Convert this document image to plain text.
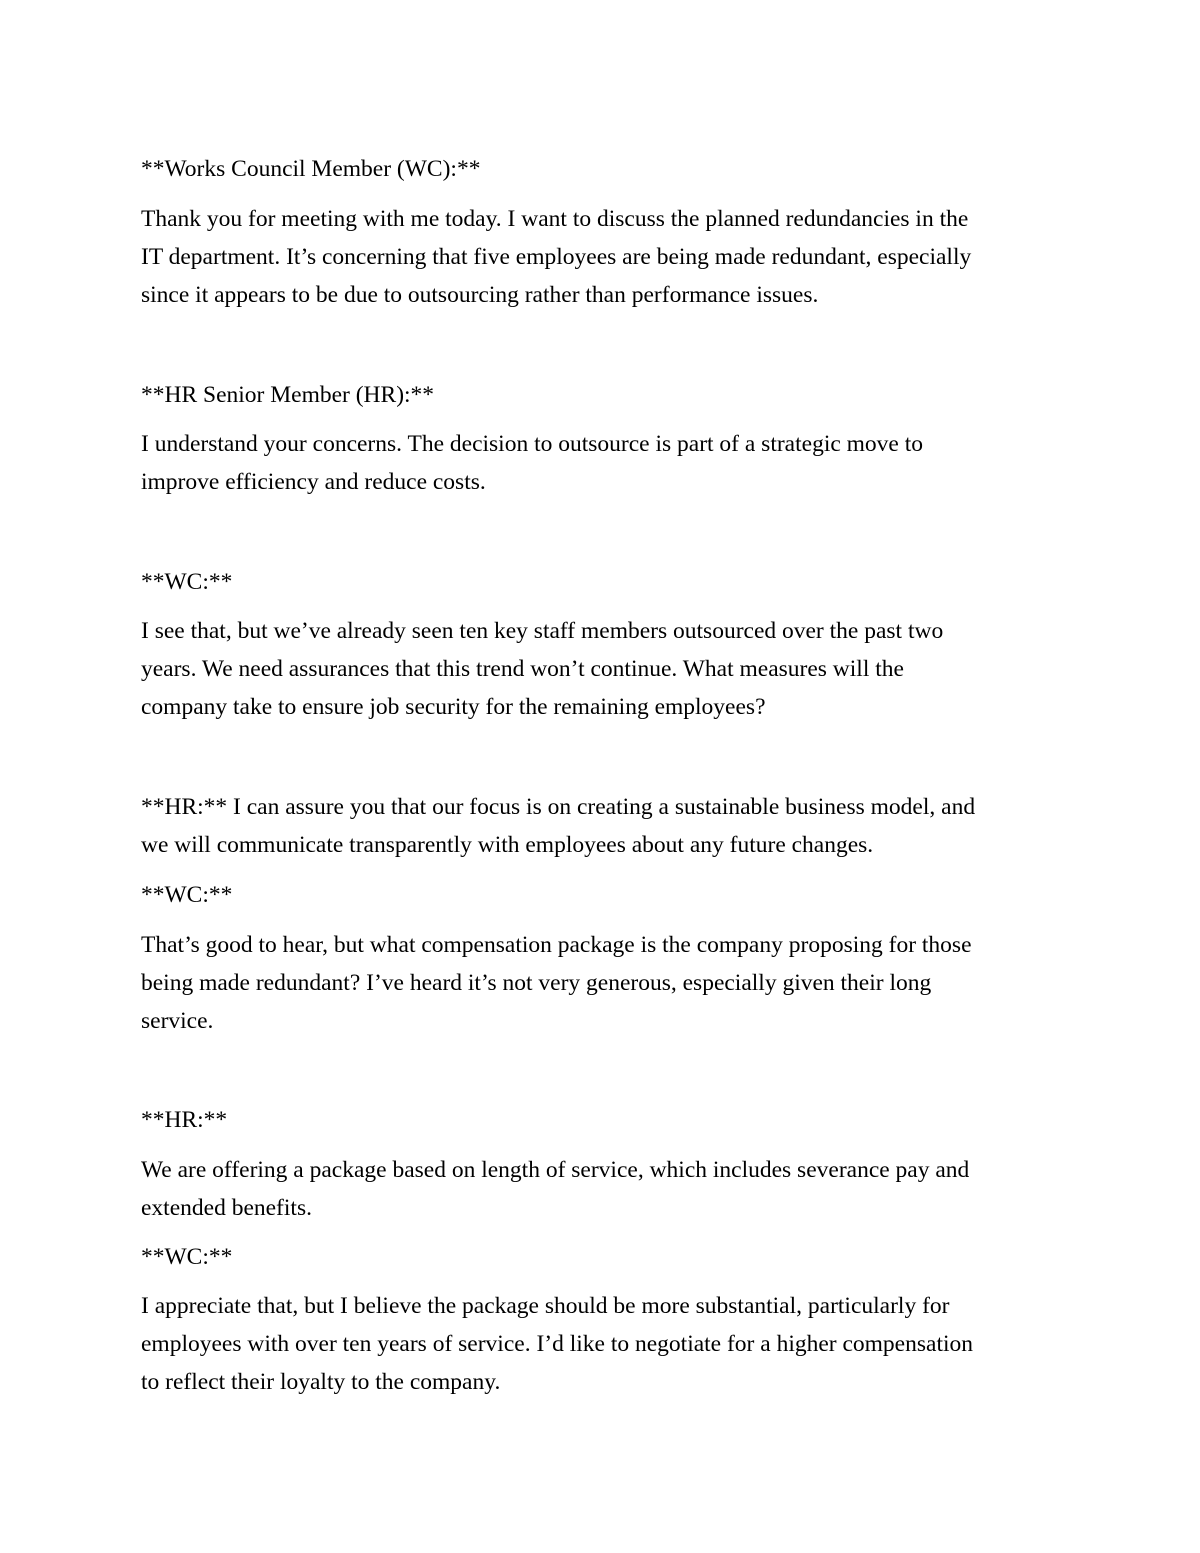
**Works Council Member (WC):**

Thank you for meeting with me today. I want to discuss the planned redundancies in the

IT department. It’s concerning that five employees are being made redundant, especially

since it appears to be due to outsourcing rather than performance issues.

**HR Senior Member (HR):**

I understand your concerns. The decision to outsource is part of a strategic move to

improve efficiency and reduce costs.

**WC:**

I see that, but we’ve already seen ten key staff members outsourced over the past two

years. We need assurances that this trend won’t continue. What measures will the

company take to ensure job security for the remaining employees?

**HR:** I can assure you that our focus is on creating a sustainable business model, and

we will communicate transparently with employees about any future changes.

**WC:**

That’s good to hear, but what compensation package is the company proposing for those

being made redundant? I’ve heard it’s not very generous, especially given their long

service.

**HR:**

We are offering a package based on length of service, which includes severance pay and

extended benefits.

**WC:**

I appreciate that, but I believe the package should be more substantial, particularly for

employees with over ten years of service. I’d like to negotiate for a higher compensation

to reflect their loyalty to the company.
